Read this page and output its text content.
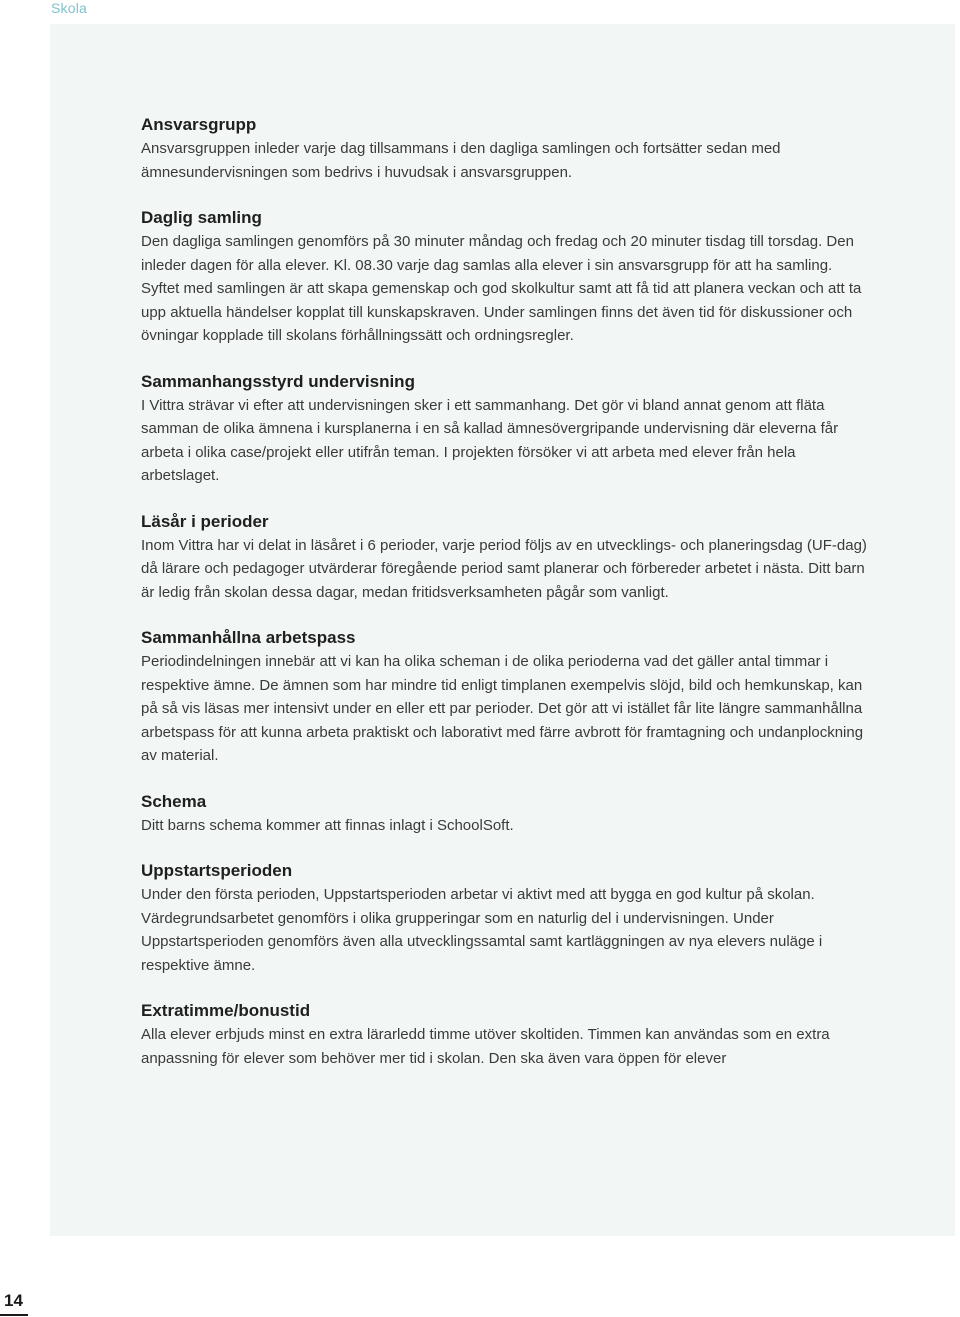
Skola
Ansvarsgrupp

Ansvarsgruppen inleder varje dag tillsammans i den dagliga samlingen och fortsätter sedan med ämnesundervisningen som bedrivs i huvudsak i ansvarsgruppen.

Daglig samling

Den dagliga samlingen genomförs på 30 minuter måndag och fredag och 20 minuter tisdag till torsdag. Den inleder dagen för alla elever. Kl. 08.30 varje dag samlas alla elever i sin ansvarsgrupp för att ha samling. Syftet med samlingen är att skapa gemenskap och god skolkultur samt att få tid att planera veckan och att ta upp aktuella händelser kopplat till kunskapskraven. Under samlingen finns det även tid för diskussioner och övningar kopplade till skolans förhållningssätt och ordningsregler.

Sammanhangsstyrd undervisning

I Vittra strävar vi efter att undervisningen sker i ett sammanhang. Det gör vi bland annat genom att fläta samman de olika ämnena i kursplanerna i en så kallad ämnesövergripande undervisning där eleverna får arbeta i olika case/projekt eller utifrån teman. I projekten försöker vi att arbeta med elever från hela arbetslaget.

Läsår i perioder

Inom Vittra har vi delat in läsåret i 6 perioder, varje period följs av en utvecklings- och planeringsdag (UF-dag) då lärare och pedagoger utvärderar föregående period samt planerar och förbereder arbetet i nästa. Ditt barn är ledig från skolan dessa dagar, medan fritidsverksamheten pågår som vanligt.

Sammanhållna arbetspass

Periodindelningen innebär att vi kan ha olika scheman i de olika perioderna vad det gäller antal timmar i respektive ämne. De ämnen som har mindre tid enligt timplanen exempelvis slöjd, bild och hemkunskap, kan på så vis läsas mer intensivt under en eller ett par perioder. Det gör att vi istället får lite längre sammanhållna arbetspass för att kunna arbeta praktiskt och laborativt med färre avbrott för framtagning och undanplockning av material.

Schema

Ditt barns schema kommer att finnas inlagt i SchoolSoft.

Uppstartsperioden

Under den första perioden, Uppstartsperioden arbetar vi aktivt med att bygga en god kultur på skolan. Värdegrundsarbetet genomförs i olika grupperingar som en naturlig del i undervisningen. Under Uppstartsperioden genomförs även alla utvecklingssamtal samt kartläggningen av nya elevers nuläge i respektive ämne.

Extratimme/bonustid

Alla elever erbjuds minst en extra lärarledd timme utöver skoltiden. Timmen kan användas som en extra anpassning för elever som behöver mer tid i skolan. Den ska även vara öppen för elever

14
